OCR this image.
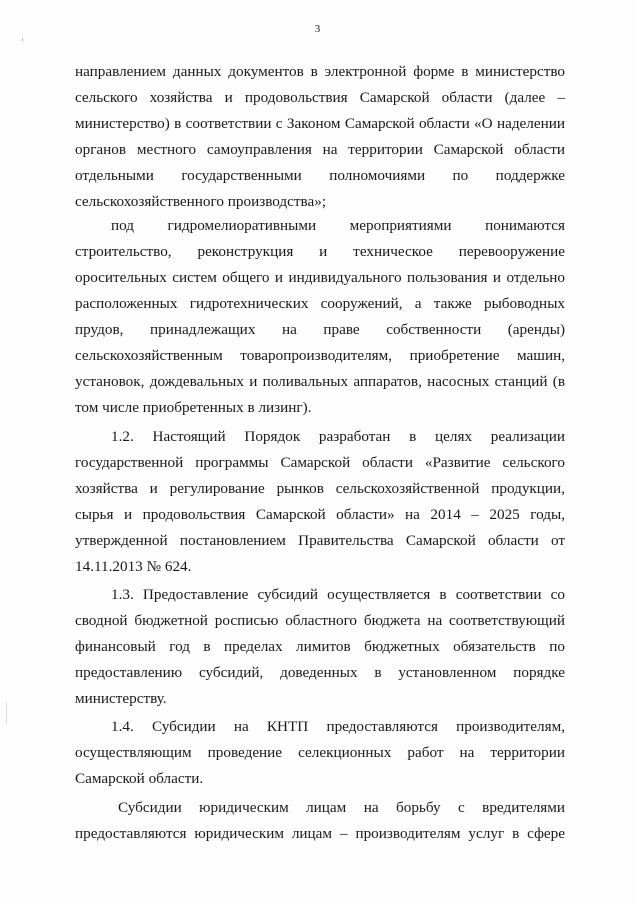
3
направлением данных документов в электронной форме в министерство
сельского хозяйства и продовольствия Самарской области (далее –
министерство) в соответствии с Законом Самарской области «О наделении
органов местного самоуправления на территории Самарской области
отдельными государственными полномочиями по поддержке
сельскохозяйственного производства»;
под гидромелиоративными мероприятиями понимаются
строительство, реконструкция и техническое перевооружение
оросительных систем общего и индивидуального пользования и отдельно
расположенных гидротехнических сооружений, а также рыбоводных
прудов, принадлежащих на праве собственности (аренды)
сельскохозяйственным товаропроизводителям, приобретение машин,
установок, дождевальных и поливальных аппаратов, насосных станций (в
том числе приобретенных в лизинг).
1.2. Настоящий Порядок разработан в целях реализации
государственной программы Самарской области «Развитие сельского
хозяйства и регулирование рынков сельскохозяйственной продукции,
сырья и продовольствия Самарской области» на 2014 – 2025 годы,
утвержденной постановлением Правительства Самарской области от
14.11.2013 № 624.
1.3. Предоставление субсидий осуществляется в соответствии со
сводной бюджетной росписью областного бюджета на соответствующий
финансовый год в пределах лимитов бюджетных обязательств по
предоставлению субсидий, доведенных в установленном порядке
министерству.
1.4. Субсидии на КНТП предоставляются производителям,
осуществляющим проведение селекционных работ на территории
Самарской области.
Субсидии юридическим лицам на борьбу с вредителями
предоставляются юридическим лицам – производителям услуг в сфере
